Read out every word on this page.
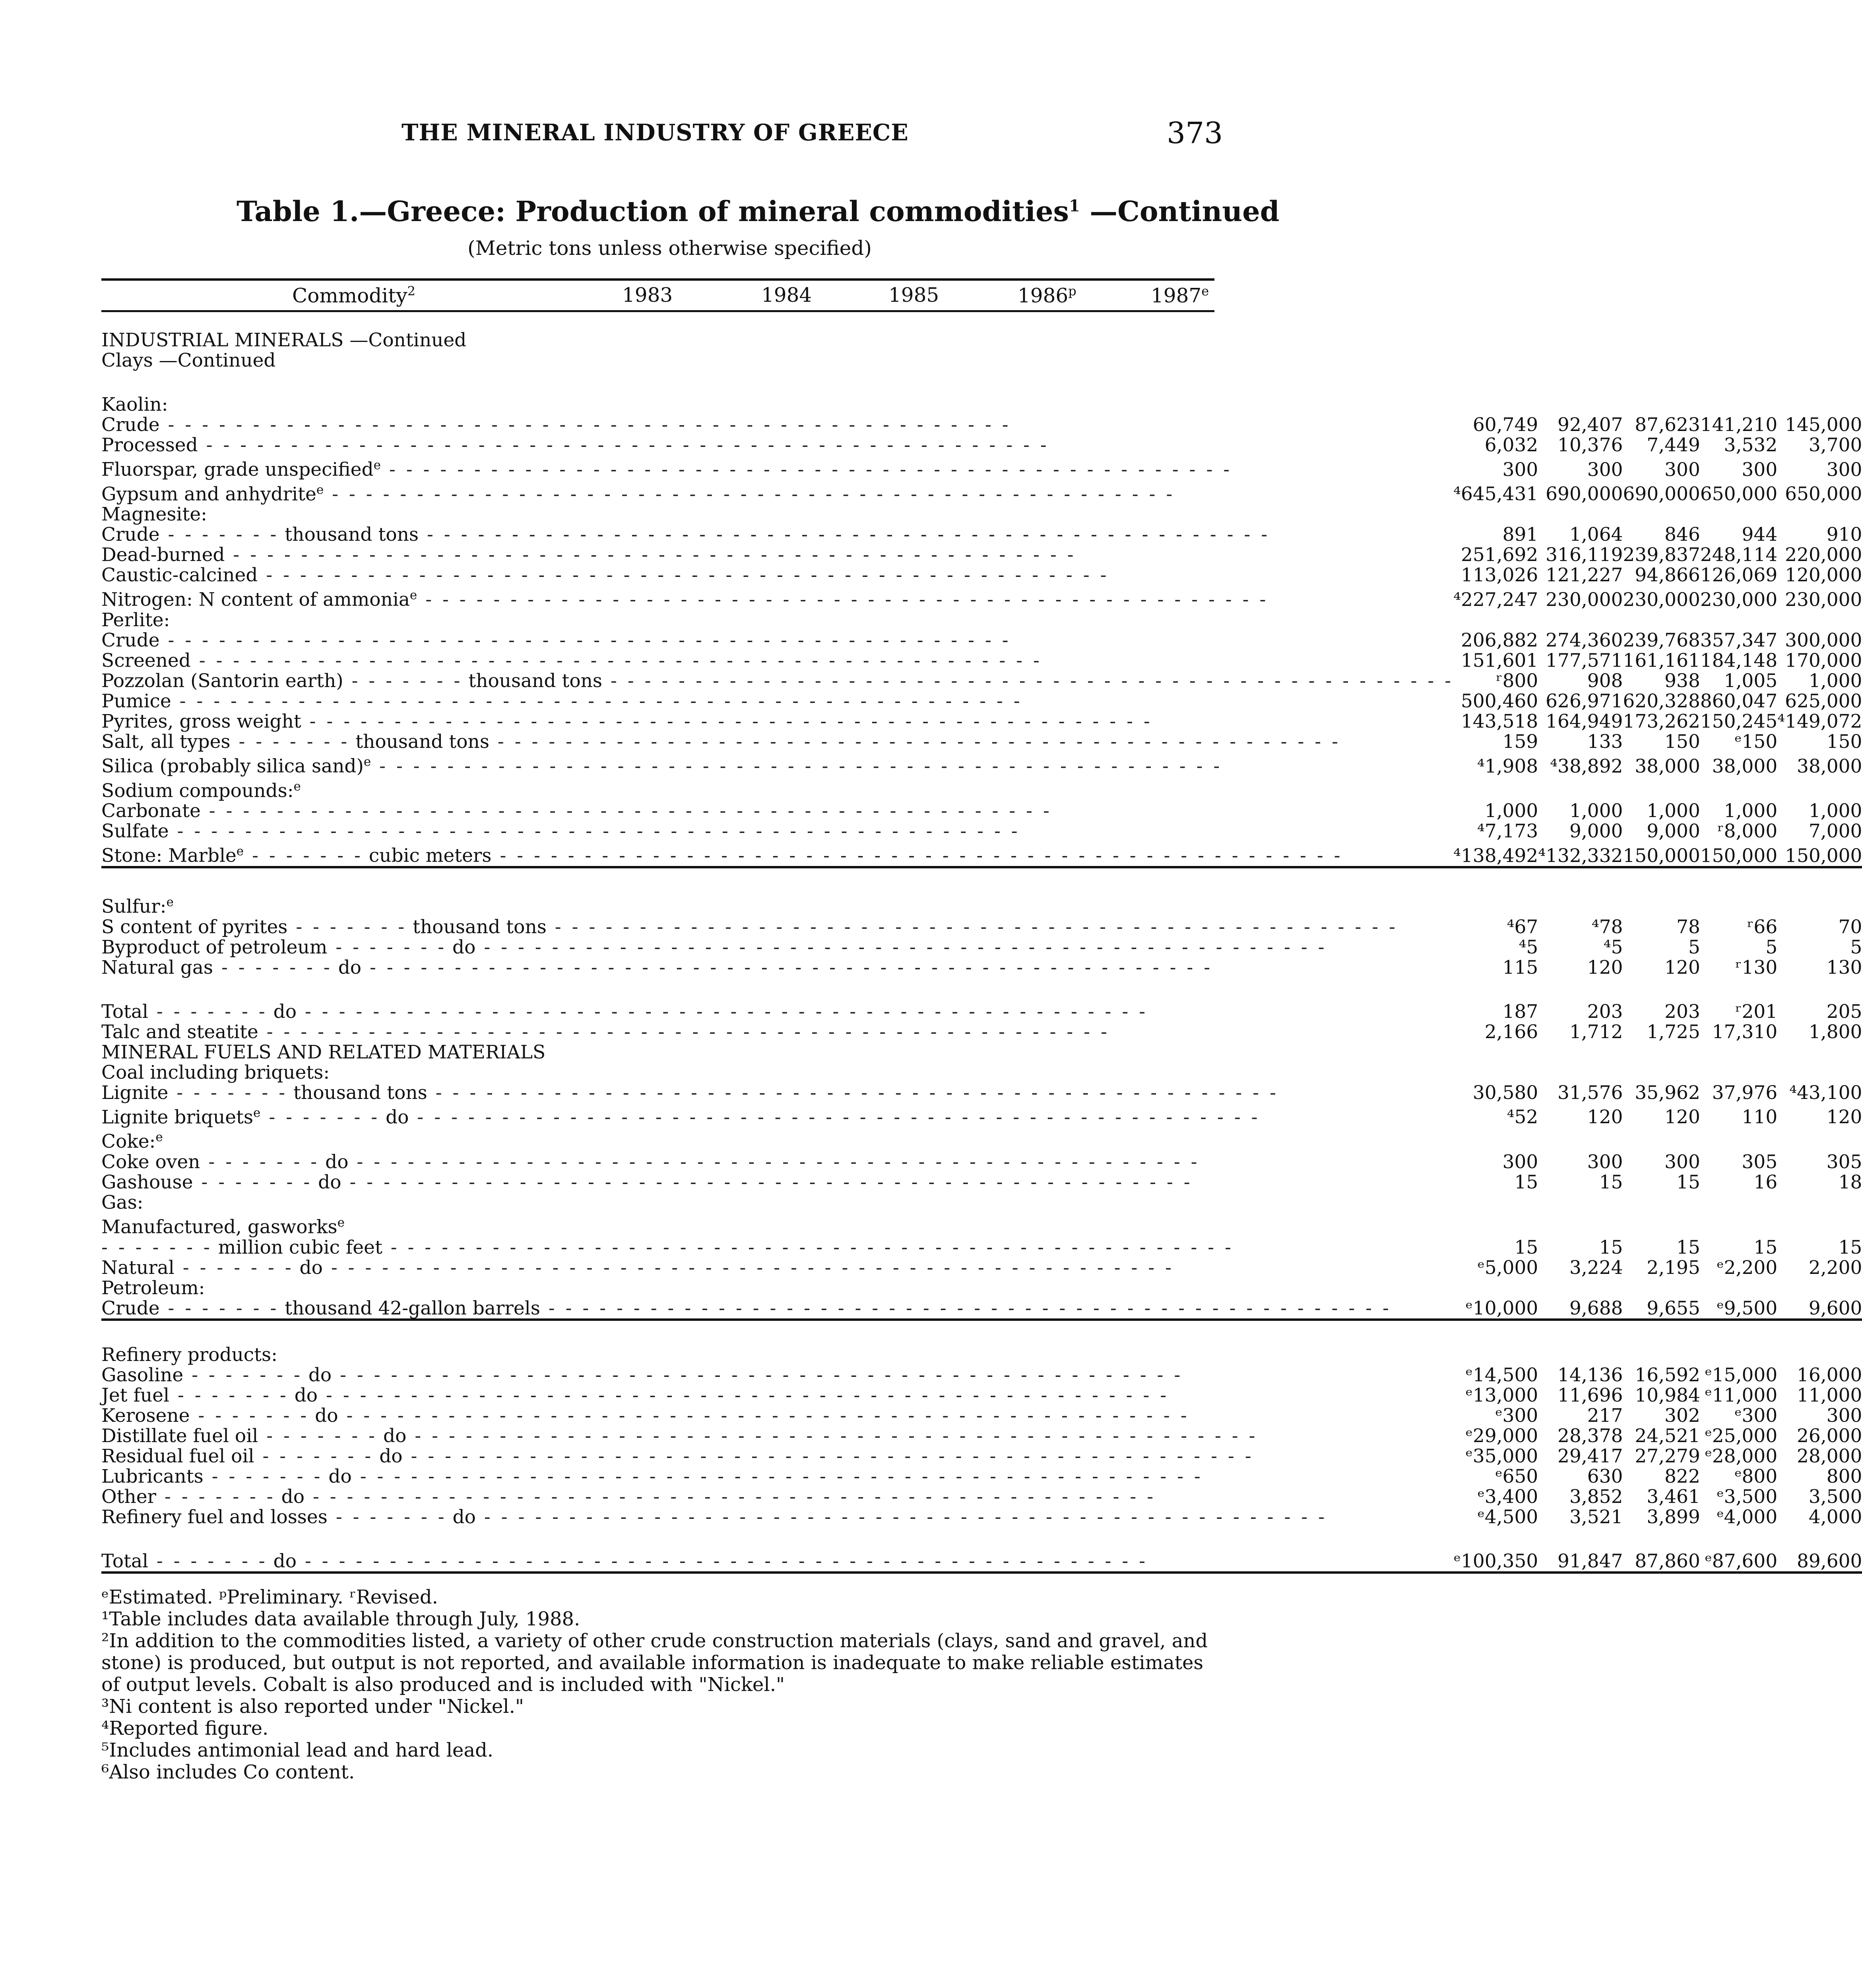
THE MINERAL INDUSTRY OF GREECE	373
Table 1.—Greece: Production of mineral commodities$^1$ —Continued
(Metric tons unless otherwise specified)
Commodity$^2$	1983	1984	1985	1986$^p$	1987e
INDUSTRIAL MINERALS —Continued					
Clays —Continued					

Kaolin:					
Crude - - - - - - - - - - - - - - - - - - - - - - - - - - - - - - - - - - - - - - - - - - - - - - - - - -	60,749	92,407	87,623	141,210	145,000
Processed - - - - - - - - - - - - - - - - - - - - - - - - - - - - - - - - - - - - - - - - - - - - - - - - - -	6,032	10,376	7,449	3,532	3,700
Fluorspar, grade unspecified$^e$ - - - - - - - - - - - - - - - - - - - - - - - - - - - - - - - - - - - - - - - - - - - - - - - - - -	300	300	300	300	300
Gypsum and anhydrite$^e$ - - - - - - - - - - - - - - - - - - - - - - - - - - - - - - - - - - - - - - - - - - - - - - - - - -	⁴645,431	690,000	690,000	650,000	650,000
Magnesite:					
Crude - - - - - - - thousand tons - - - - - - - - - - - - - - - - - - - - - - - - - - - - - - - - - - - - - - - - - - - - - - - - - -	891	1,064	846	944	910
Dead-burned - - - - - - - - - - - - - - - - - - - - - - - - - - - - - - - - - - - - - - - - - - - - - - - - - -	251,692	316,119	239,837	248,114	220,000
Caustic-calcined - - - - - - - - - - - - - - - - - - - - - - - - - - - - - - - - - - - - - - - - - - - - - - - - - -	113,026	121,227	94,866	126,069	120,000
Nitrogen: N content of ammonia$^e$ - - - - - - - - - - - - - - - - - - - - - - - - - - - - - - - - - - - - - - - - - - - - - - - - - -	⁴227,247	230,000	230,000	230,000	230,000
Perlite:					
Crude - - - - - - - - - - - - - - - - - - - - - - - - - - - - - - - - - - - - - - - - - - - - - - - - - -	206,882	274,360	239,768	357,347	300,000
Screened - - - - - - - - - - - - - - - - - - - - - - - - - - - - - - - - - - - - - - - - - - - - - - - - - -	151,601	177,571	161,161	184,148	170,000
Pozzolan (Santorin earth) - - - - - - - thousand tons - - - - - - - - - - - - - - - - - - - - - - - - - - - - - - - - - - - - - - - - - - - - - - - - - -	ʳ800	908	938	1,005	1,000
Pumice - - - - - - - - - - - - - - - - - - - - - - - - - - - - - - - - - - - - - - - - - - - - - - - - - -	500,460	626,971	620,328	860,047	625,000
Pyrites, gross weight - - - - - - - - - - - - - - - - - - - - - - - - - - - - - - - - - - - - - - - - - - - - - - - - - -	143,518	164,949	173,262	150,245	⁴149,072
Salt, all types - - - - - - - thousand tons - - - - - - - - - - - - - - - - - - - - - - - - - - - - - - - - - - - - - - - - - - - - - - - - - -	159	133	150	ᵉ150	150
Silica (probably silica sand)$^e$ - - - - - - - - - - - - - - - - - - - - - - - - - - - - - - - - - - - - - - - - - - - - - - - - - -	⁴1,908	⁴38,892	38,000	38,000	38,000
Sodium compounds:$^e$					
Carbonate - - - - - - - - - - - - - - - - - - - - - - - - - - - - - - - - - - - - - - - - - - - - - - - - - -	1,000	1,000	1,000	1,000	1,000
Sulfate - - - - - - - - - - - - - - - - - - - - - - - - - - - - - - - - - - - - - - - - - - - - - - - - - -	⁴7,173	9,000	9,000	ʳ8,000	7,000
Stone: Marble$^e$ - - - - - - - cubic meters - - - - - - - - - - - - - - - - - - - - - - - - - - - - - - - - - - - - - - - - - - - - - - - - - -	⁴138,492	⁴132,332	150,000	150,000	150,000

Sulfur:$^e$					
S content of pyrites - - - - - - - thousand tons - - - - - - - - - - - - - - - - - - - - - - - - - - - - - - - - - - - - - - - - - - - - - - - - - -	⁴67	⁴78	78	ʳ66	70
Byproduct of petroleum - - - - - - - do - - - - - - - - - - - - - - - - - - - - - - - - - - - - - - - - - - - - - - - - - - - - - - - - - -	⁴5	⁴5	5	5	5
Natural gas - - - - - - - do - - - - - - - - - - - - - - - - - - - - - - - - - - - - - - - - - - - - - - - - - - - - - - - - - -	115	120	120	ʳ130	130

Total - - - - - - - do - - - - - - - - - - - - - - - - - - - - - - - - - - - - - - - - - - - - - - - - - - - - - - - - - -	187	203	203	ʳ201	205
Talc and steatite - - - - - - - - - - - - - - - - - - - - - - - - - - - - - - - - - - - - - - - - - - - - - - - - - -	2,166	1,712	1,725	17,310	1,800
MINERAL FUELS AND RELATED MATERIALS					
Coal including briquets:					
Lignite - - - - - - - thousand tons - - - - - - - - - - - - - - - - - - - - - - - - - - - - - - - - - - - - - - - - - - - - - - - - - -	30,580	31,576	35,962	37,976	⁴43,100
Lignite briquets$^e$ - - - - - - - do - - - - - - - - - - - - - - - - - - - - - - - - - - - - - - - - - - - - - - - - - - - - - - - - - -	⁴52	120	120	110	120
Coke:$^e$					
Coke oven - - - - - - - do - - - - - - - - - - - - - - - - - - - - - - - - - - - - - - - - - - - - - - - - - - - - - - - - - -	300	300	300	305	305
Gashouse - - - - - - - do - - - - - - - - - - - - - - - - - - - - - - - - - - - - - - - - - - - - - - - - - - - - - - - - - -	15	15	15	16	18
Gas:					
Manufactured, gasworks$^e$					
- - - - - - - million cubic feet - - - - - - - - - - - - - - - - - - - - - - - - - - - - - - - - - - - - - - - - - - - - - - - - - -	15	15	15	15	15
Natural - - - - - - - do - - - - - - - - - - - - - - - - - - - - - - - - - - - - - - - - - - - - - - - - - - - - - - - - - -	ᵉ5,000	3,224	2,195	ᵉ2,200	2,200
Petroleum:					
Crude - - - - - - - thousand 42-gallon barrels - - - - - - - - - - - - - - - - - - - - - - - - - - - - - - - - - - - - - - - - - - - - - - - - - -	ᵉ10,000	9,688	9,655	ᵉ9,500	9,600

Refinery products:					
Gasoline - - - - - - - do - - - - - - - - - - - - - - - - - - - - - - - - - - - - - - - - - - - - - - - - - - - - - - - - - -	ᵉ14,500	14,136	16,592	ᵉ15,000	16,000
Jet fuel - - - - - - - do - - - - - - - - - - - - - - - - - - - - - - - - - - - - - - - - - - - - - - - - - - - - - - - - - -	ᵉ13,000	11,696	10,984	ᵉ11,000	11,000
Kerosene - - - - - - - do - - - - - - - - - - - - - - - - - - - - - - - - - - - - - - - - - - - - - - - - - - - - - - - - - -	ᵉ300	217	302	ᵉ300	300
Distillate fuel oil - - - - - - - do - - - - - - - - - - - - - - - - - - - - - - - - - - - - - - - - - - - - - - - - - - - - - - - - - -	ᵉ29,000	28,378	24,521	ᵉ25,000	26,000
Residual fuel oil - - - - - - - do - - - - - - - - - - - - - - - - - - - - - - - - - - - - - - - - - - - - - - - - - - - - - - - - - -	ᵉ35,000	29,417	27,279	ᵉ28,000	28,000
Lubricants - - - - - - - do - - - - - - - - - - - - - - - - - - - - - - - - - - - - - - - - - - - - - - - - - - - - - - - - - -	ᵉ650	630	822	ᵉ800	800
Other - - - - - - - do - - - - - - - - - - - - - - - - - - - - - - - - - - - - - - - - - - - - - - - - - - - - - - - - - -	ᵉ3,400	3,852	3,461	ᵉ3,500	3,500
Refinery fuel and losses - - - - - - - do - - - - - - - - - - - - - - - - - - - - - - - - - - - - - - - - - - - - - - - - - - - - - - - - - -	ᵉ4,500	3,521	3,899	ᵉ4,000	4,000

Total - - - - - - - do - - - - - - - - - - - - - - - - - - - - - - - - - - - - - - - - - - - - - - - - - - - - - - - - - -	ᵉ100,350	91,847	87,860	ᵉ87,600	89,600
ᵉEstimated. ᵖPreliminary. ʳRevised.
¹Table includes data available through July, 1988.
²In addition to the commodities listed, a variety of other crude construction materials (clays, sand and gravel, and stone) is produced, but output is not reported, and available information is inadequate to make reliable estimates of output levels. Cobalt is also produced and is included with "Nickel."
³Ni content is also reported under "Nickel."
⁴Reported figure.
⁵Includes antimonial lead and hard lead.
⁶Also includes Co content.
